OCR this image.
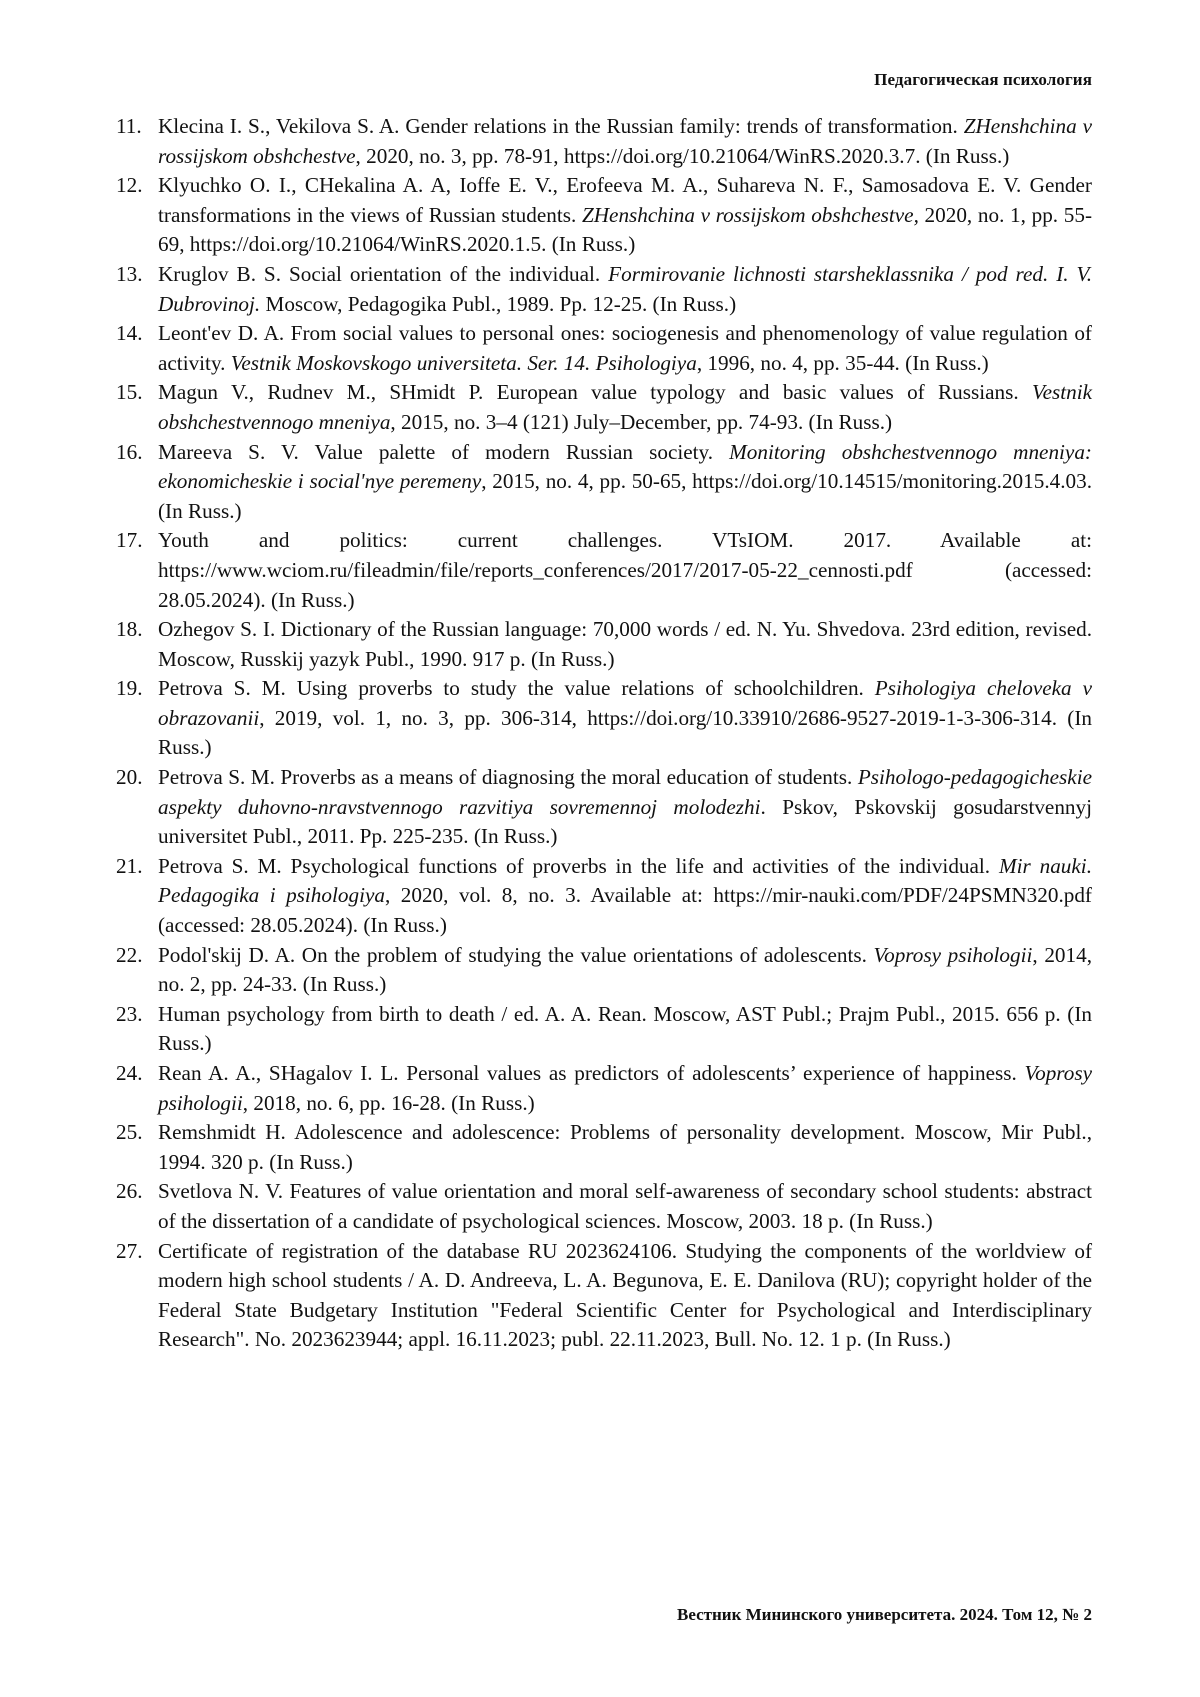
Педагогическая психология
11. Klecina I. S., Vekilova S. A. Gender relations in the Russian family: trends of transformation. ZHenshchina v rossijskom obshchestve, 2020, no. 3, pp. 78-91, https://doi.org/10.21064/WinRS.2020.3.7. (In Russ.)
12. Klyuchko O. I., CHekalina A. A, Ioffe E. V., Erofeeva M. A., Suhareva N. F., Samosadova E. V. Gender transformations in the views of Russian students. ZHenshchina v rossijskom obshchestve, 2020, no. 1, pp. 55-69, https://doi.org/10.21064/WinRS.2020.1.5. (In Russ.)
13. Kruglov B. S. Social orientation of the individual. Formirovanie lichnosti starsheklassnika / pod red. I. V. Dubrovinoj. Moscow, Pedagogika Publ., 1989. Pp. 12-25. (In Russ.)
14. Leont'ev D. A. From social values to personal ones: sociogenesis and phenomenology of value regulation of activity. Vestnik Moskovskogo universiteta. Ser. 14. Psihologiya, 1996, no. 4, pp. 35-44. (In Russ.)
15. Magun V., Rudnev M., SHmidt P. European value typology and basic values of Russians. Vestnik obshchestvennogo mneniya, 2015, no. 3–4 (121) July–December, pp. 74-93. (In Russ.)
16. Mareeva S. V. Value palette of modern Russian society. Monitoring obshchestvennogo mneniya: ekonomicheskie i social'nye peremeny, 2015, no. 4, pp. 50-65, https://doi.org/10.14515/monitoring.2015.4.03. (In Russ.)
17. Youth and politics: current challenges. VTsIOM. 2017. Available at: https://www.wciom.ru/fileadmin/file/reports_conferences/2017/2017-05-22_cennosti.pdf (accessed: 28.05.2024). (In Russ.)
18. Ozhegov S. I. Dictionary of the Russian language: 70,000 words / ed. N. Yu. Shvedova. 23rd edition, revised. Moscow, Russkij yazyk Publ., 1990. 917 p. (In Russ.)
19. Petrova S. M. Using proverbs to study the value relations of schoolchildren. Psihologiya cheloveka v obrazovanii, 2019, vol. 1, no. 3, pp. 306-314, https://doi.org/10.33910/2686-9527-2019-1-3-306-314. (In Russ.)
20. Petrova S. M. Proverbs as a means of diagnosing the moral education of students. Psihologo-pedagogicheskie aspekty duhovno-nravstvennogo razvitiya sovremennoj molodezhi. Pskov, Pskovskij gosudarstvennyj universitet Publ., 2011. Pp. 225-235. (In Russ.)
21. Petrova S. M. Psychological functions of proverbs in the life and activities of the individual. Mir nauki. Pedagogika i psihologiya, 2020, vol. 8, no. 3. Available at: https://mir-nauki.com/PDF/24PSMN320.pdf (accessed: 28.05.2024). (In Russ.)
22. Podol'skij D. A. On the problem of studying the value orientations of adolescents. Voprosy psihologii, 2014, no. 2, pp. 24-33. (In Russ.)
23. Human psychology from birth to death / ed. A. A. Rean. Moscow, AST Publ.; Prajm Publ., 2015. 656 p. (In Russ.)
24. Rean A. A., SHagalov I. L. Personal values as predictors of adolescents’ experience of happiness. Voprosy psihologii, 2018, no. 6, pp. 16-28. (In Russ.)
25. Remshmidt H. Adolescence and adolescence: Problems of personality development. Moscow, Mir Publ., 1994. 320 p. (In Russ.)
26. Svetlova N. V. Features of value orientation and moral self-awareness of secondary school students: abstract of the dissertation of a candidate of psychological sciences. Moscow, 2003. 18 p. (In Russ.)
27. Certificate of registration of the database RU 2023624106. Studying the components of the worldview of modern high school students / A. D. Andreeva, L. A. Begunova, E. E. Danilova (RU); copyright holder of the Federal State Budgetary Institution "Federal Scientific Center for Psychological and Interdisciplinary Research". No. 2023623944; appl. 16.11.2023; publ. 22.11.2023, Bull. No. 12. 1 p. (In Russ.)
Вестник Мининского университета. 2024. Том 12, № 2
